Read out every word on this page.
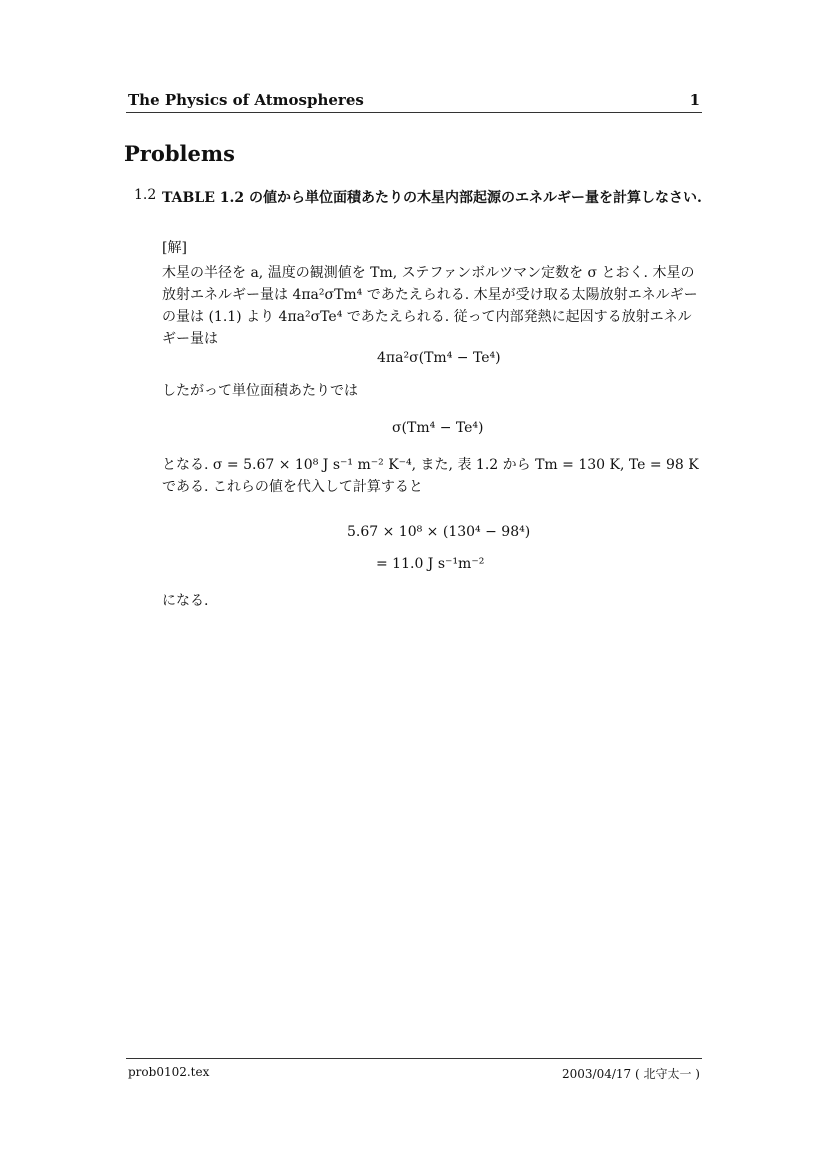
The Physics of Atmospheres	1
Problems
1.2 TABLE 1.2 の値から単位面積あたりの木星内部起源のエネルギー量を計算しなさい.
[解]
木星の半径を a, 温度の観測値を Tm, ステファンボルツマン定数を σ とおく. 木星の放射エネルギー量は 4πa²σTm⁴ であたえられる. 木星が受け取る太陽放射エネルギーの量は (1.1) より 4πa²σTe⁴ であたえられる. 従って内部発熱に起因する放射エネルギー量は
4πa²σ(Tm⁴ − Te⁴)
したがって単位面積あたりでは
σ(Tm⁴ − Te⁴)
となる. σ = 5.67 × 10⁸ J s⁻¹ m⁻² K⁻⁴, また, 表 1.2 から Tm = 130 K, Te = 98 K である. これらの値を代入して計算すると
5.67 × 10⁸ × (130⁴ − 98⁴)
= 11.0 J s⁻¹m⁻²
になる.
prob0102.tex	2003/04/17 ( 北守太一 )
